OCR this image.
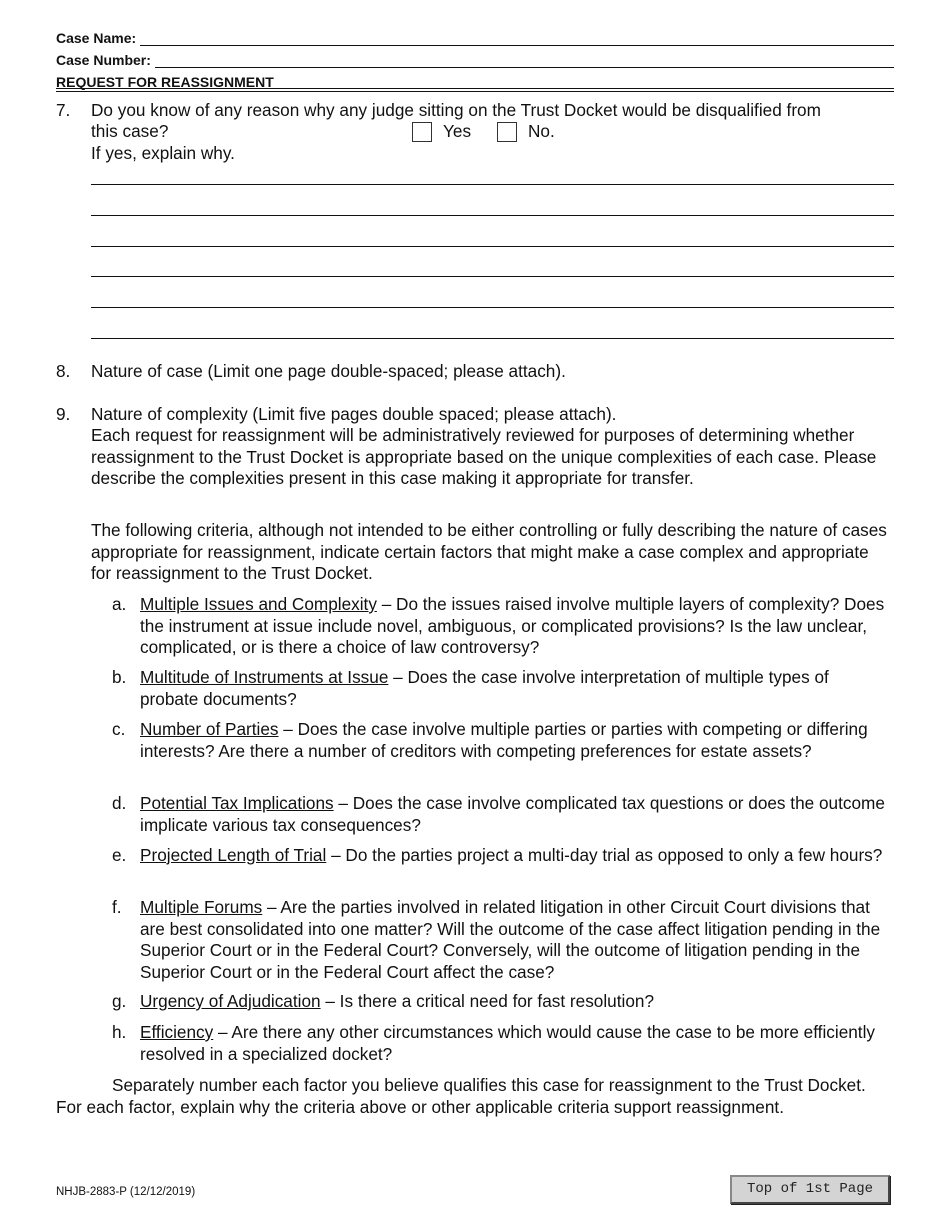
Case Name:
Case Number:
REQUEST FOR REASSIGNMENT
7. Do you know of any reason why any judge sitting on the Trust Docket would be disqualified from
this case?	Yes	No.
If yes, explain why.
8. Nature of case (Limit one page double-spaced; please attach).
9. Nature of complexity (Limit five pages double spaced; please attach).
Each request for reassignment will be administratively reviewed for purposes of determining whether reassignment to the Trust Docket is appropriate based on the unique complexities of each case. Please describe the complexities present in this case making it appropriate for transfer.
The following criteria, although not intended to be either controlling or fully describing the nature of cases appropriate for reassignment, indicate certain factors that might make a case complex and appropriate for reassignment to the Trust Docket.
a. Multiple Issues and Complexity – Do the issues raised involve multiple layers of complexity? Does the instrument at issue include novel, ambiguous, or complicated provisions? Is the law unclear, complicated, or is there a choice of law controversy?
b. Multitude of Instruments at Issue – Does the case involve interpretation of multiple types of probate documents?
c. Number of Parties – Does the case involve multiple parties or parties with competing or differing interests? Are there a number of creditors with competing preferences for estate assets?
d. Potential Tax Implications – Does the case involve complicated tax questions or does the outcome implicate various tax consequences?
e. Projected Length of Trial – Do the parties project a multi-day trial as opposed to only a few hours?
f. Multiple Forums – Are the parties involved in related litigation in other Circuit Court divisions that are best consolidated into one matter? Will the outcome of the case affect litigation pending in the Superior Court or in the Federal Court? Conversely, will the outcome of litigation pending in the Superior Court or in the Federal Court affect the case?
g. Urgency of Adjudication – Is there a critical need for fast resolution?
h. Efficiency – Are there any other circumstances which would cause the case to be more efficiently resolved in a specialized docket?
Separately number each factor you believe qualifies this case for reassignment to the Trust Docket. For each factor, explain why the criteria above or other applicable criteria support reassignment.
NHJB-2883-P (12/12/2019)	Top of 1st Page
